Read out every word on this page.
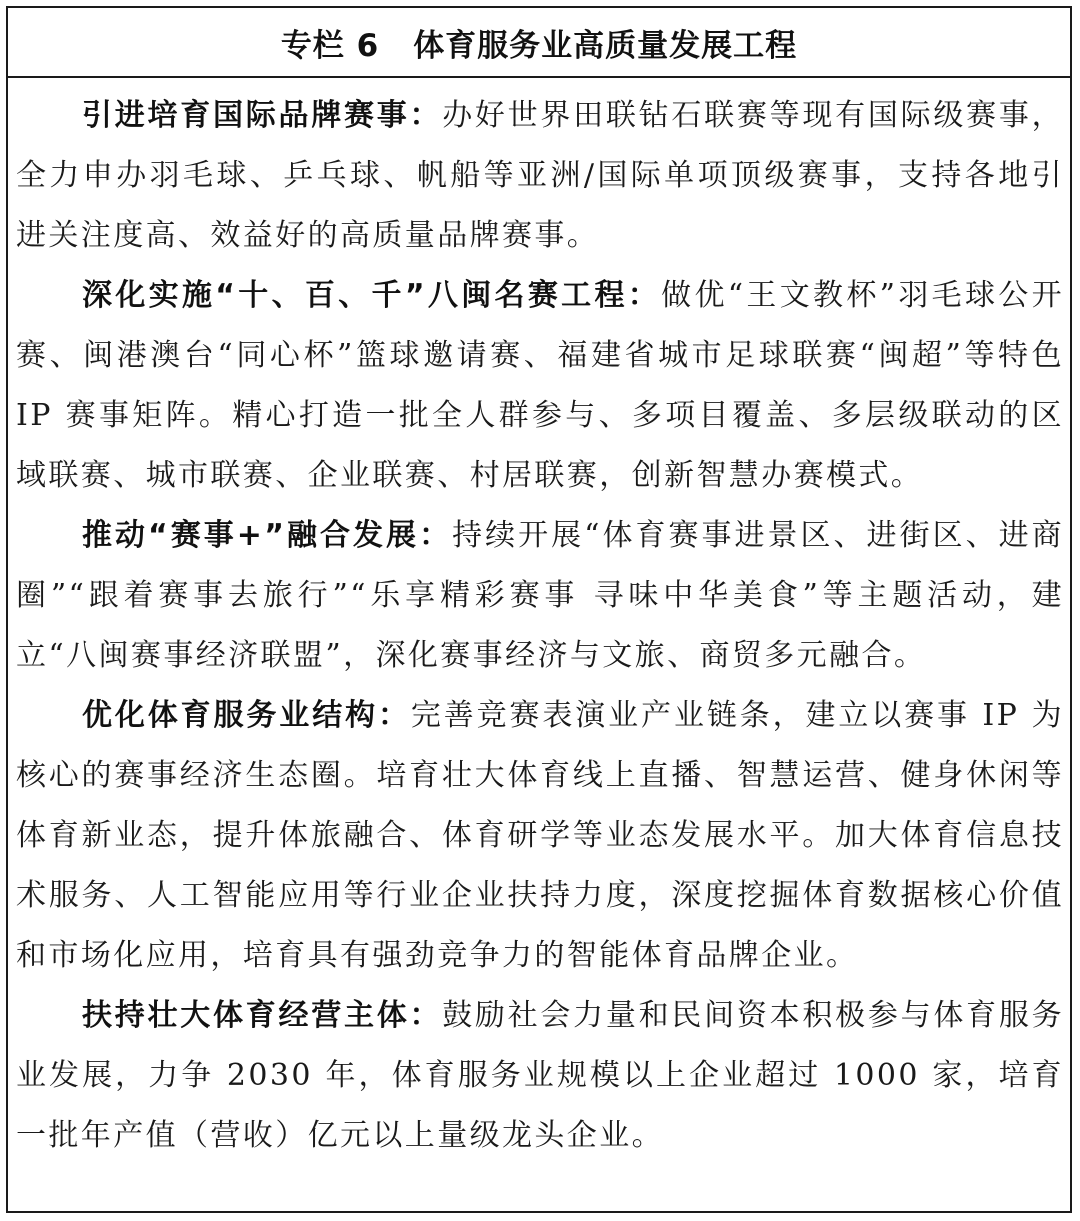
专栏 6 体育服务业高质量发展工程

引进培育国际品牌赛事：办好世界田联钻石联赛等现有国际级赛事，全力申办羽毛球、乒乓球、帆船等亚洲/国际单项顶级赛事，支持各地引进关注度高、效益好的高质量品牌赛事。

深化实施“十、百、千”八闽名赛工程：做优“王文教杯”羽毛球公开赛、闽港澳台“同心杯”篮球邀请赛、福建省城市足球联赛“闽超”等特色 IP 赛事矩阵。精心打造一批全人群参与、多项目覆盖、多层级联动的区域联赛、城市联赛、企业联赛、村居联赛，创新智慧办赛模式。

推动“赛事+”融合发展：持续开展“体育赛事进景区、进街区、进商圈”“跟着赛事去旅行”“乐享精彩赛事 寻味中华美食”等主题活动，建立“八闽赛事经济联盟”，深化赛事经济与文旅、商贸多元融合。

优化体育服务业结构：完善竞赛表演业产业链条，建立以赛事 IP 为核心的赛事经济生态圈。培育壮大体育线上直播、智慧运营、健身休闲等体育新业态，提升体旅融合、体育研学等业态发展水平。加大体育信息技术服务、人工智能应用等行业企业扶持力度，深度挖掘体育数据核心价值和市场化应用，培育具有强劲竞争力的智能体育品牌企业。

扶持壮大体育经营主体：鼓励社会力量和民间资本积极参与体育服务业发展，力争 2030 年，体育服务业规模以上企业超过 1000 家，培育一批年产值（营收）亿元以上量级龙头企业。
